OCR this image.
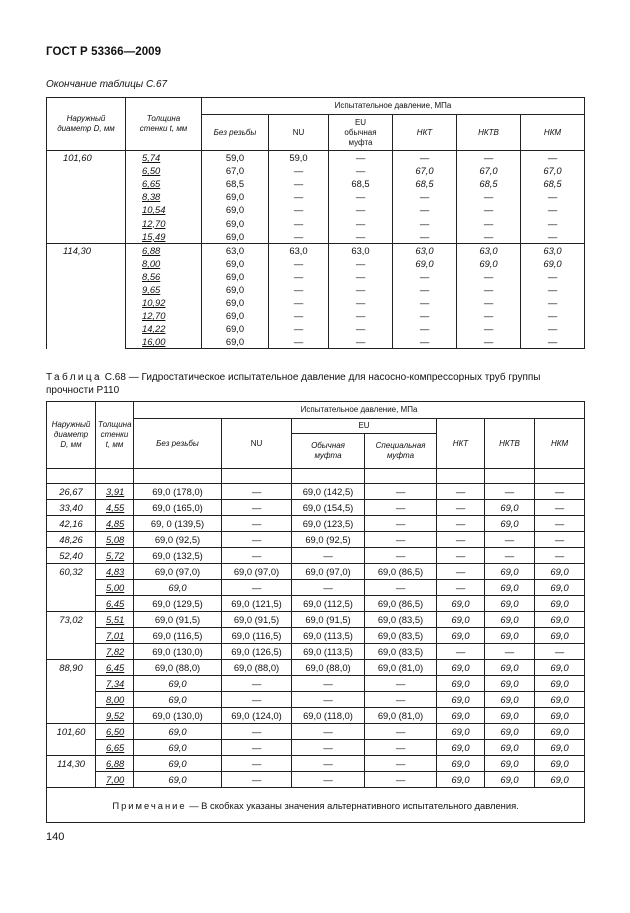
ГОСТ Р 53366—2009
Окончание таблицы С.67
Наружный диаметр D, мм	Толщина стенки t, мм	Испытательное давление, МПа					
		Без резьбы	NU	EU обычная муфта	НКТ	НКТВ	НКМ
101,60	5,74	59,0	59,0	—	—	—	—
	6,50	67,0	—	—	67,0	67,0	67,0
	6,65	68,5	—	68,5	68,5	68,5	68,5
	8,38	69,0	—	—	—	—	—
	10,54	69,0	—	—	—	—	—
	12,70	69,0	—	—	—	—	—
	15,49	69,0	—	—	—	—	—
114,30	6,88	63,0	63,0	63,0	63,0	63,0	63,0
	8,00	69,0	—	—	69,0	69,0	69,0
	8,56	69,0	—	—	—	—	—
	9,65	69,0	—	—	—	—	—
	10,92	69,0	—	—	—	—	—
	12,70	69,0	—	—	—	—	—
	14,22	69,0	—	—	—	—	—
	16,00	69,0	—	—	—	—	—
Таблица С.68 — Гидростатическое испытательное давление для насосно-компрессорных труб группы прочности Р110
Наружный диаметр D, мм	Толщина стенки t, мм	Испытательное давление, МПа						
		Без резьбы	NU	EU		НКТ	НКТВ	НКМ
				Обычная муфта	Специальная муфта			

26,67	3,91	69,0 (178,0)	—	69,0 (142,5)	—	—	—	—
33,40	4,55	69,0 (165,0)	—	69,0 (154,5)	—	—	69,0	—
42,16	4,85	69, 0 (139,5)	—	69,0 (123,5)	—	—	69,0	—
48,26	5,08	69,0 (92,5)	—	69,0 (92,5)	—	—	—	—
52,40	5,72	69,0 (132,5)	—	—	—	—	—	—
60,32	4,83	69,0 (97,0)	69,0 (97,0)	69,0 (97,0)	69,0 (86,5)	—	69,0	69,0
	5,00	69,0	—	—	—	—	69,0	69,0
	6,45	69,0 (129,5)	69,0 (121,5)	69,0 (112,5)	69,0 (86,5)	69,0	69,0	69,0
73,02	5,51	69,0 (91,5)	69,0 (91,5)	69,0 (91,5)	69,0 (83,5)	69,0	69,0	69,0
	7,01	69,0 (116,5)	69,0 (116,5)	69,0 (113,5)	69,0 (83,5)	69,0	69,0	69,0
	7,82	69,0 (130,0)	69,0 (126,5)	69,0 (113,5)	69,0 (83,5)	—	—	—
88,90	6,45	69,0 (88,0)	69,0 (88,0)	69,0 (88,0)	69,0 (81,0)	69,0	69,0	69,0
	7,34	69,0	—	—	—	69,0	69,0	69,0
	8,00	69,0	—	—	—	69,0	69,0	69,0
	9,52	69,0 (130,0)	69,0 (124,0)	69,0 (118,0)	69,0 (81,0)	69,0	69,0	69,0
101,60	6,50	69,0	—	—	—	69,0	69,0	69,0
	6,65	69,0	—	—	—	69,0	69,0	69,0
114,30	6,88	69,0	—	—	—	69,0	69,0	69,0
	7,00	69,0	—	—	—	69,0	69,0	69,0
Примечание — В скобках указаны значения альтернативного испытательного давления.								
140
